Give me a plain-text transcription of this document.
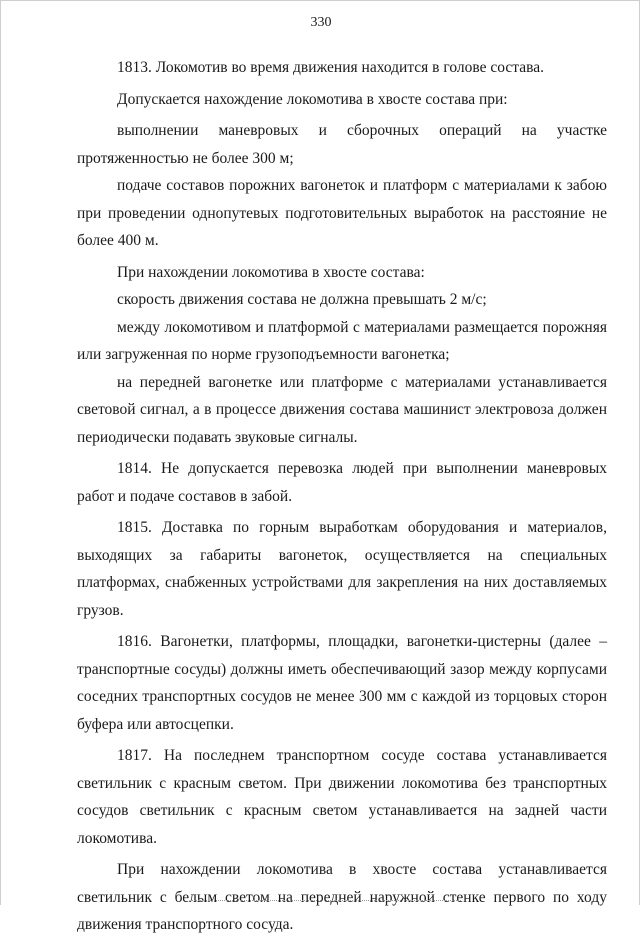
330

1813. Локомотив во время движения находится в голове состава.

Допускается нахождение локомотива в хвосте состава при:

выполнении маневровых и сборочных операций на участке протяженностью не более 300 м;

подаче составов порожних вагонеток и платформ с материалами к забою при проведении однопутевых подготовительных выработок на расстояние не более 400 м.

При нахождении локомотива в хвосте состава:

скорость движения состава не должна превышать 2 м/с;

между локомотивом и платформой с материалами размещается порожняя или загруженная по норме грузоподъемности вагонетка;

на передней вагонетке или платформе с материалами устанавливается световой сигнал, а в процессе движения состава машинист электровоза должен периодически подавать звуковые сигналы.

1814. Не допускается перевозка людей при выполнении маневровых работ и подаче составов в забой.

1815. Доставка по горным выработкам оборудования и материалов, выходящих за габариты вагонеток, осуществляется на специальных платформах, снабженных устройствами для закрепления на них доставляемых грузов.

1816. Вагонетки, платформы, площадки, вагонетки-цистерны (далее – транспортные сосуды) должны иметь обеспечивающий зазор между корпусами соседних транспортных сосудов не менее 300 мм с каждой из торцовых сторон буфера или автосцепки.

1817. На последнем транспортном сосуде состава устанавливается светильник с красным светом. При движении локомотива без транспортных сосудов светильник с красным светом устанавливается на задней части локомотива.

При нахождении локомотива в хвосте состава устанавливается светильник с белым светом на передней наружной стенке первого по ходу движения транспортного сосуда.
